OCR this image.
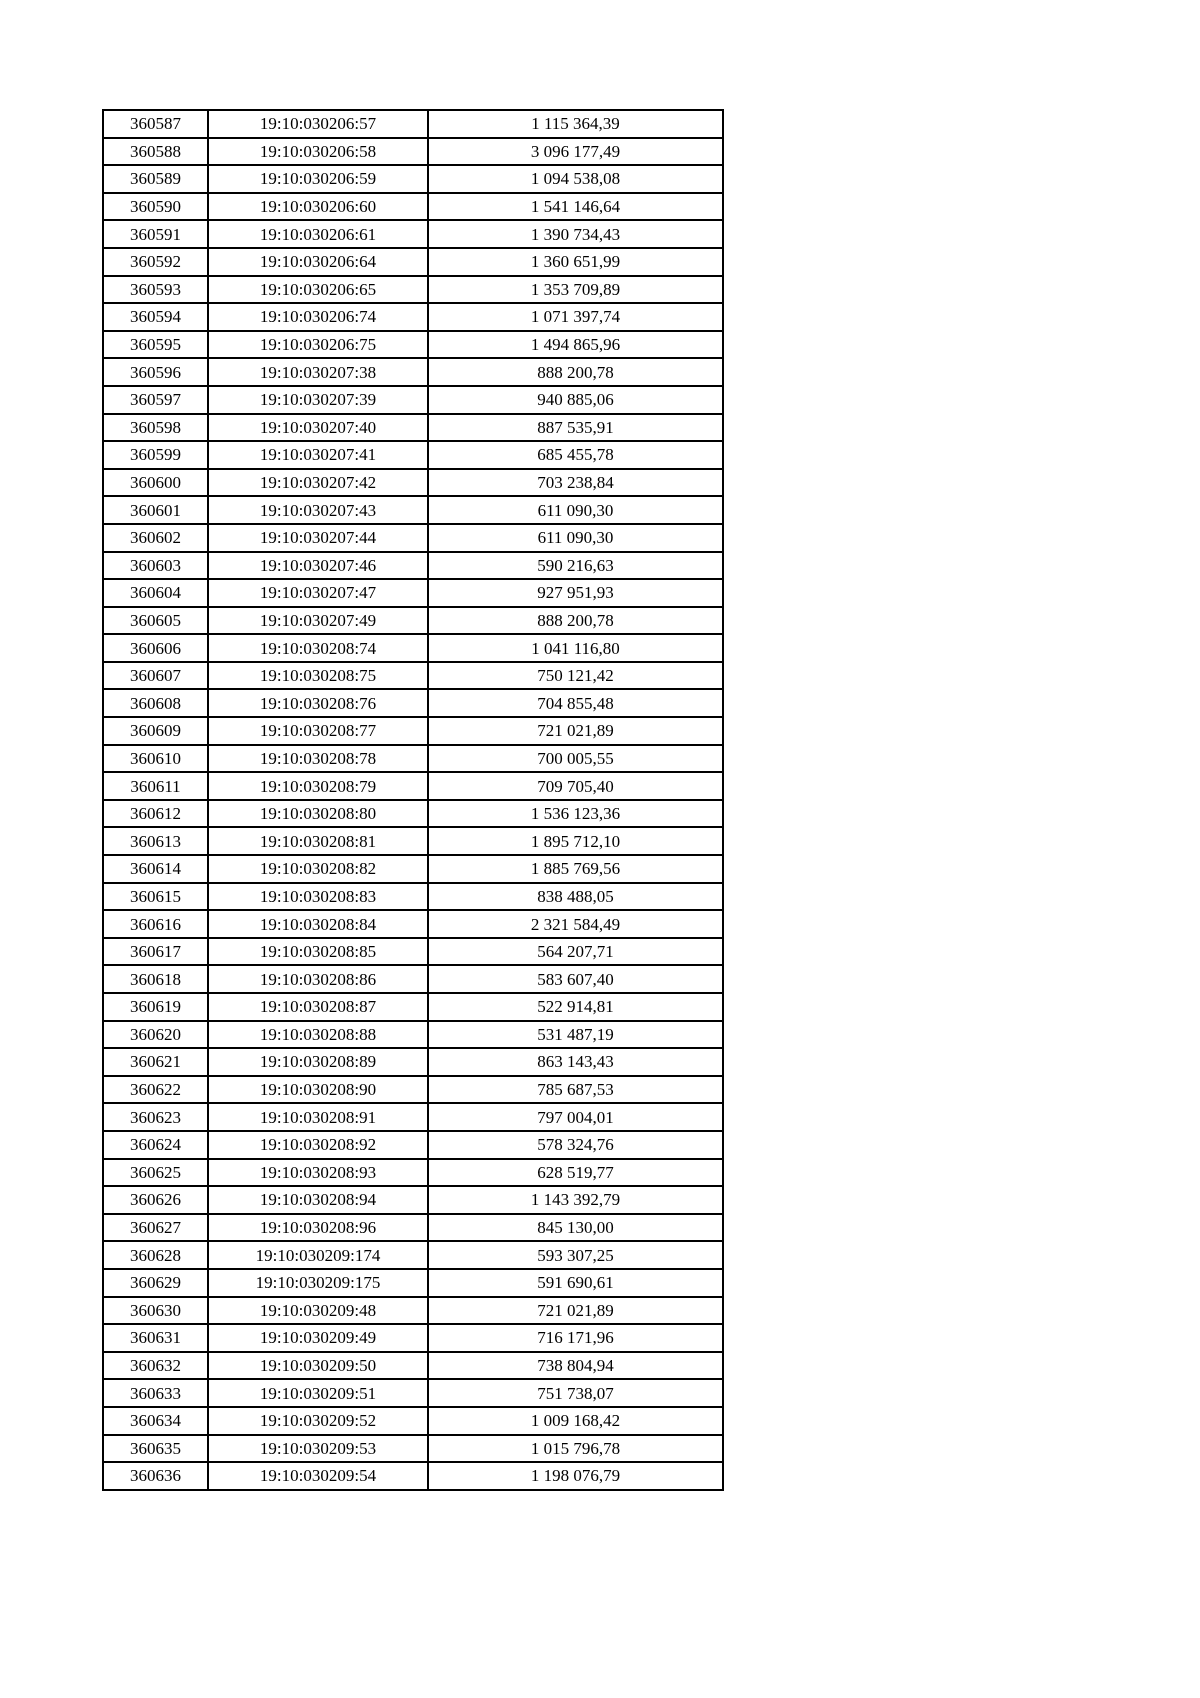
360587	19:10:030206:57	1 115 364,39
360588	19:10:030206:58	3 096 177,49
360589	19:10:030206:59	1 094 538,08
360590	19:10:030206:60	1 541 146,64
360591	19:10:030206:61	1 390 734,43
360592	19:10:030206:64	1 360 651,99
360593	19:10:030206:65	1 353 709,89
360594	19:10:030206:74	1 071 397,74
360595	19:10:030206:75	1 494 865,96
360596	19:10:030207:38	888 200,78
360597	19:10:030207:39	940 885,06
360598	19:10:030207:40	887 535,91
360599	19:10:030207:41	685 455,78
360600	19:10:030207:42	703 238,84
360601	19:10:030207:43	611 090,30
360602	19:10:030207:44	611 090,30
360603	19:10:030207:46	590 216,63
360604	19:10:030207:47	927 951,93
360605	19:10:030207:49	888 200,78
360606	19:10:030208:74	1 041 116,80
360607	19:10:030208:75	750 121,42
360608	19:10:030208:76	704 855,48
360609	19:10:030208:77	721 021,89
360610	19:10:030208:78	700 005,55
360611	19:10:030208:79	709 705,40
360612	19:10:030208:80	1 536 123,36
360613	19:10:030208:81	1 895 712,10
360614	19:10:030208:82	1 885 769,56
360615	19:10:030208:83	838 488,05
360616	19:10:030208:84	2 321 584,49
360617	19:10:030208:85	564 207,71
360618	19:10:030208:86	583 607,40
360619	19:10:030208:87	522 914,81
360620	19:10:030208:88	531 487,19
360621	19:10:030208:89	863 143,43
360622	19:10:030208:90	785 687,53
360623	19:10:030208:91	797 004,01
360624	19:10:030208:92	578 324,76
360625	19:10:030208:93	628 519,77
360626	19:10:030208:94	1 143 392,79
360627	19:10:030208:96	845 130,00
360628	19:10:030209:174	593 307,25
360629	19:10:030209:175	591 690,61
360630	19:10:030209:48	721 021,89
360631	19:10:030209:49	716 171,96
360632	19:10:030209:50	738 804,94
360633	19:10:030209:51	751 738,07
360634	19:10:030209:52	1 009 168,42
360635	19:10:030209:53	1 015 796,78
360636	19:10:030209:54	1 198 076,79
